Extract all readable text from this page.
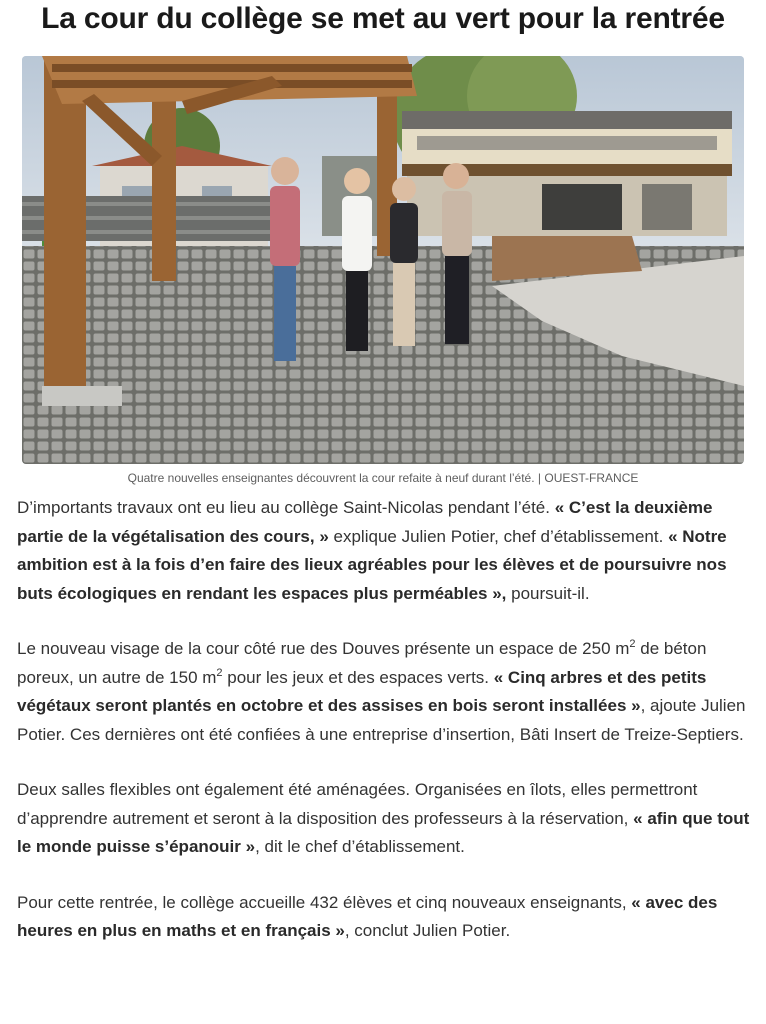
La cour du collège se met au vert pour la rentrée
Quatre nouvelles enseignantes découvrent la cour refaite à neuf durant l’été. | OUEST-FRANCE

D’importants travaux ont eu lieu au collège Saint-Nicolas pendant l’été. « C’est la deuxième partie de la végétalisation des cours, » explique Julien Potier, chef d’établissement. « Notre ambition est à la fois d’en faire des lieux agréables pour les élèves et de poursuivre nos buts écologiques en rendant les espaces plus perméables », poursuit-il.

Le nouveau visage de la cour côté rue des Douves présente un espace de 250 $m^2$ de béton poreux, un autre de 150 $m^2$ pour les jeux et des espaces verts. « Cinq arbres et des petits végétaux seront plantés en octobre et des assises en bois seront installées », ajoute Julien Potier. Ces dernières ont été confiées à une entreprise d’insertion, Bâti Insert de Treize-Septiers.

Deux salles flexibles ont également été aménagées. Organisées en îlots, elles permettront d’apprendre autrement et seront à la disposition des professeurs à la réservation, « afin que tout le monde puisse s’épanouir », dit le chef d’établissement.

Pour cette rentrée, le collège accueille 432 élèves et cinq nouveaux enseignants, « avec des heures en plus en maths et en français », conclut Julien Potier.
